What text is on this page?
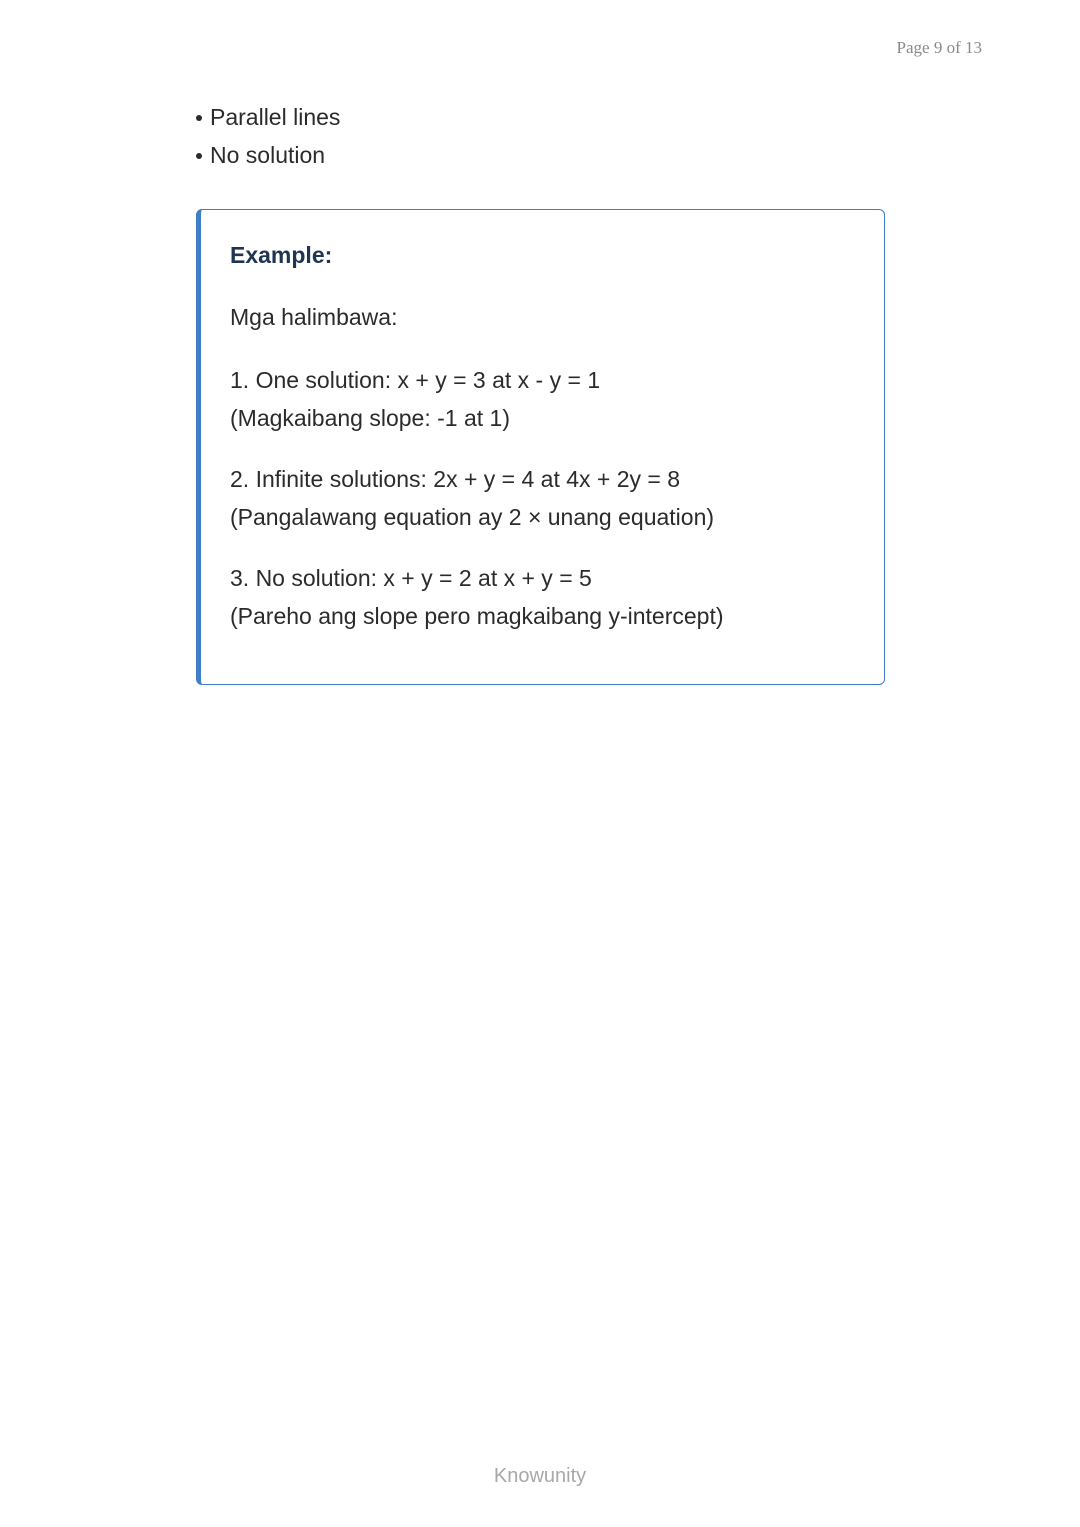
Page 9 of 13
Parallel lines
No solution
Example:
Mga halimbawa:
1. One solution: x + y = 3 at x - y = 1
(Magkaibang slope: -1 at 1)
2. Infinite solutions: 2x + y = 4 at 4x + 2y = 8
(Pangalawang equation ay 2 × unang equation)
3. No solution: x + y = 2 at x + y = 5
(Pareho ang slope pero magkaibang y-intercept)
Knowunity
